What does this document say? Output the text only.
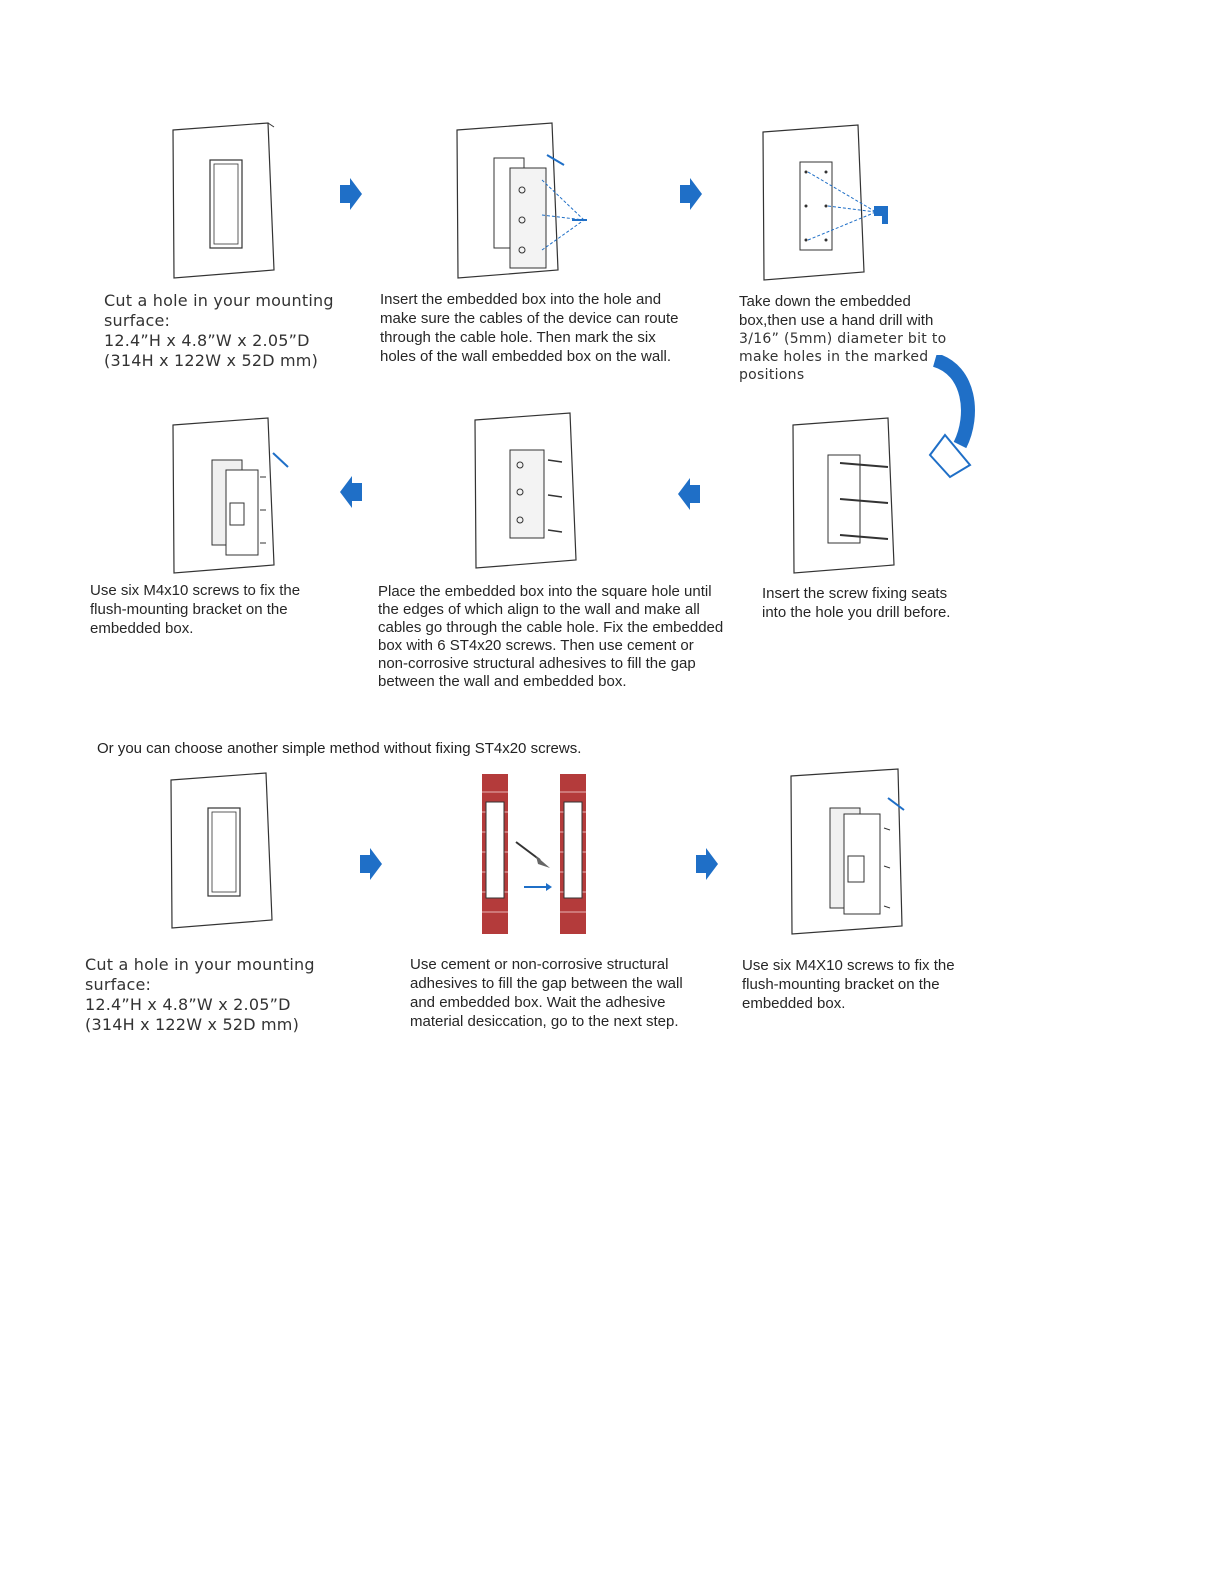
Cut a hole in your mounting
surface:
12.4”H x 4.8”W x 2.05”D
(314H x 122W x 52D mm)
Insert the embedded box into the hole and
make sure the cables of the device can route
through the cable hole. Then mark the six
holes of the wall embedded box on the wall.
Take down the embedded
box,then use a hand drill with
3/16” (5mm) diameter bit to
make holes in the marked
positions
Use six M4x10 screws to fix the
flush-mounting bracket on the
embedded box.
Place the embedded box into the square hole until
the edges of which align to the wall and make all
cables go through the cable hole. Fix the embedded
box with 6 ST4x20 screws. Then use cement or
non-corrosive structural adhesives to fill the gap
between the wall and embedded box.
Insert the screw fixing seats
into the hole you drill before.
Or you can choose another simple method without fixing ST4x20 screws.
Cut a hole in your mounting
surface:
12.4”H x 4.8”W x 2.05”D
(314H x 122W x 52D mm)
Use cement or non-corrosive structural
adhesives to fill the gap between the wall
and embedded box. Wait the adhesive
material desiccation, go to the next step.
Use six M4X10 screws to fix the
flush-mounting bracket on the
embedded box.
